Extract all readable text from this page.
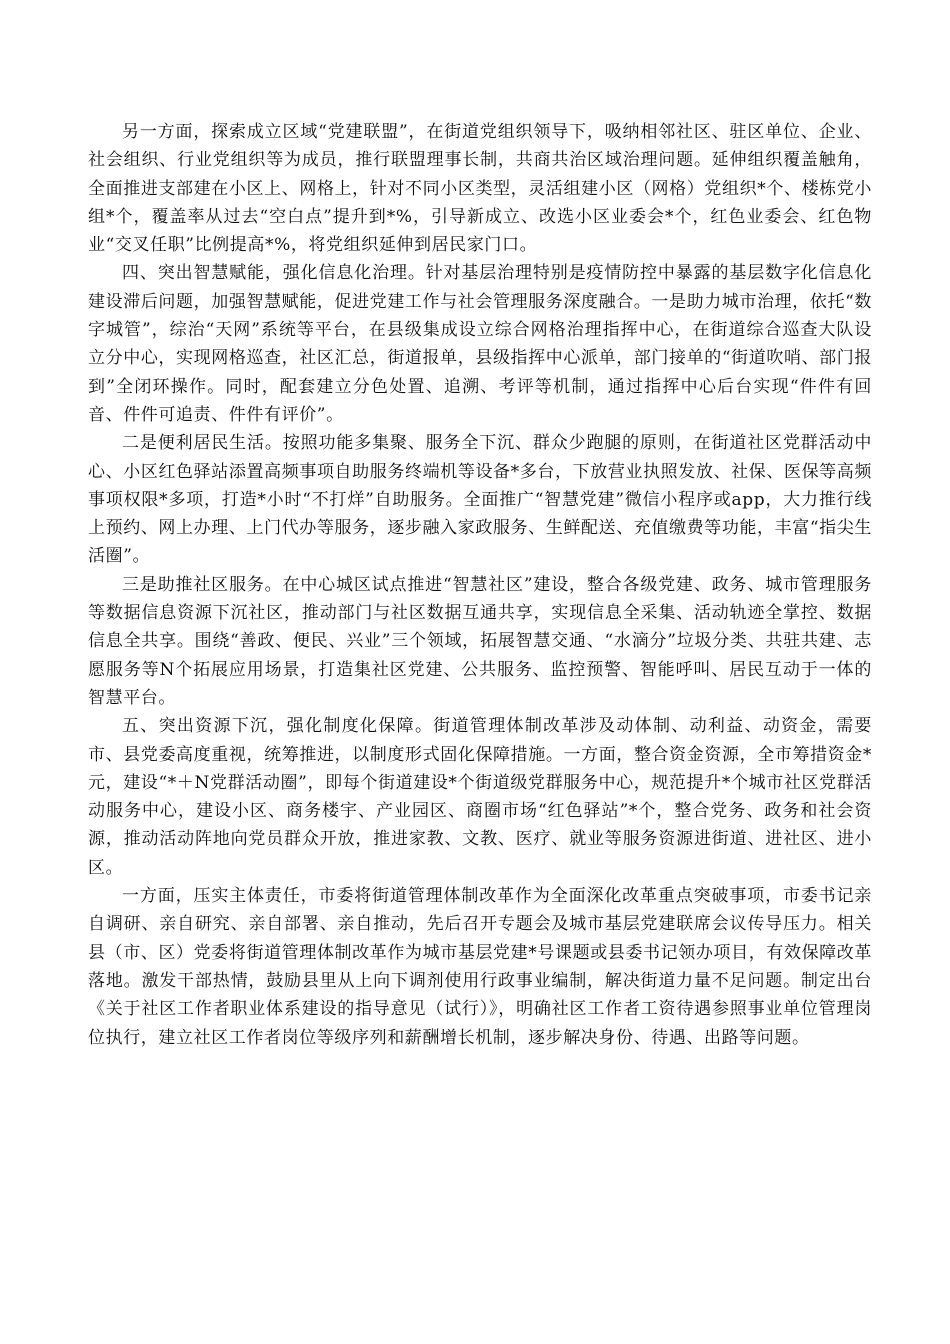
另一方面，探索成立区域“党建联盟”，在街道党组织领导下，吸纳相邻社区、驻区单位、企业、社会组织、行业党组织等为成员，推行联盟理事长制，共商共治区域治理问题。延伸组织覆盖触角，全面推进支部建在小区上、网格上，针对不同小区类型，灵活组建小区（网格）党组织*个、楼栋党小组*个，覆盖率从过去“空白点”提升到*%，引导新成立、改选小区业委会*个，红色业委会、红色物业“交叉任职”比例提高*%，将党组织延伸到居民家门口。

四、突出智慧赋能，强化信息化治理。针对基层治理特别是疫情防控中暴露的基层数字化信息化建设滞后问题，加强智慧赋能，促进党建工作与社会管理服务深度融合。一是助力城市治理，依托“数字城管”，综治“天网”系统等平台，在县级集成设立综合网格治理指挥中心，在街道综合巡查大队设立分中心，实现网格巡查，社区汇总，街道报单，县级指挥中心派单，部门接单的“街道吹哨、部门报到”全闭环操作。同时，配套建立分色处置、追溯、考评等机制，通过指挥中心后台实现“件件有回音、件件可追责、件件有评价”。

二是便利居民生活。按照功能多集聚、服务全下沉、群众少跑腿的原则，在街道社区党群活动中心、小区红色驿站添置高频事项自助服务终端机等设备*多台，下放营业执照发放、社保、医保等高频事项权限*多项，打造*小时“不打烊”自助服务。全面推广“智慧党建”微信小程序或app，大力推行线上预约、网上办理、上门代办等服务，逐步融入家政服务、生鲜配送、充值缴费等功能，丰富“指尖生活圈”。

三是助推社区服务。在中心城区试点推进“智慧社区”建设，整合各级党建、政务、城市管理服务等数据信息资源下沉社区，推动部门与社区数据互通共享，实现信息全采集、活动轨迹全掌控、数据信息全共享。围绕“善政、便民、兴业”三个领域，拓展智慧交通、“水滴分”垃圾分类、共驻共建、志愿服务等N个拓展应用场景，打造集社区党建、公共服务、监控预警、智能呼叫、居民互动于一体的智慧平台。

五、突出资源下沉，强化制度化保障。街道管理体制改革涉及动体制、动利益、动资金，需要市、县党委高度重视，统筹推进，以制度形式固化保障措施。一方面，整合资金资源，全市筹措资金*元，建设“*＋N党群活动圈”，即每个街道建设*个街道级党群服务中心，规范提升*个城市社区党群活动服务中心，建设小区、商务楼宇、产业园区、商圈市场“红色驿站”*个，整合党务、政务和社会资源，推动活动阵地向党员群众开放，推进家教、文教、医疗、就业等服务资源进街道、进社区、进小区。

一方面，压实主体责任，市委将街道管理体制改革作为全面深化改革重点突破事项，市委书记亲自调研、亲自研究、亲自部署、亲自推动，先后召开专题会及城市基层党建联席会议传导压力。相关县（市、区）党委将街道管理体制改革作为城市基层党建*号课题或县委书记领办项目，有效保障改革落地。激发干部热情，鼓励县里从上向下调剂使用行政事业编制，解决街道力量不足问题。制定出台《关于社区工作者职业体系建设的指导意见（试行）》，明确社区工作者工资待遇参照事业单位管理岗位执行，建立社区工作者岗位等级序列和薪酬增长机制，逐步解决身份、待遇、出路等问题。
